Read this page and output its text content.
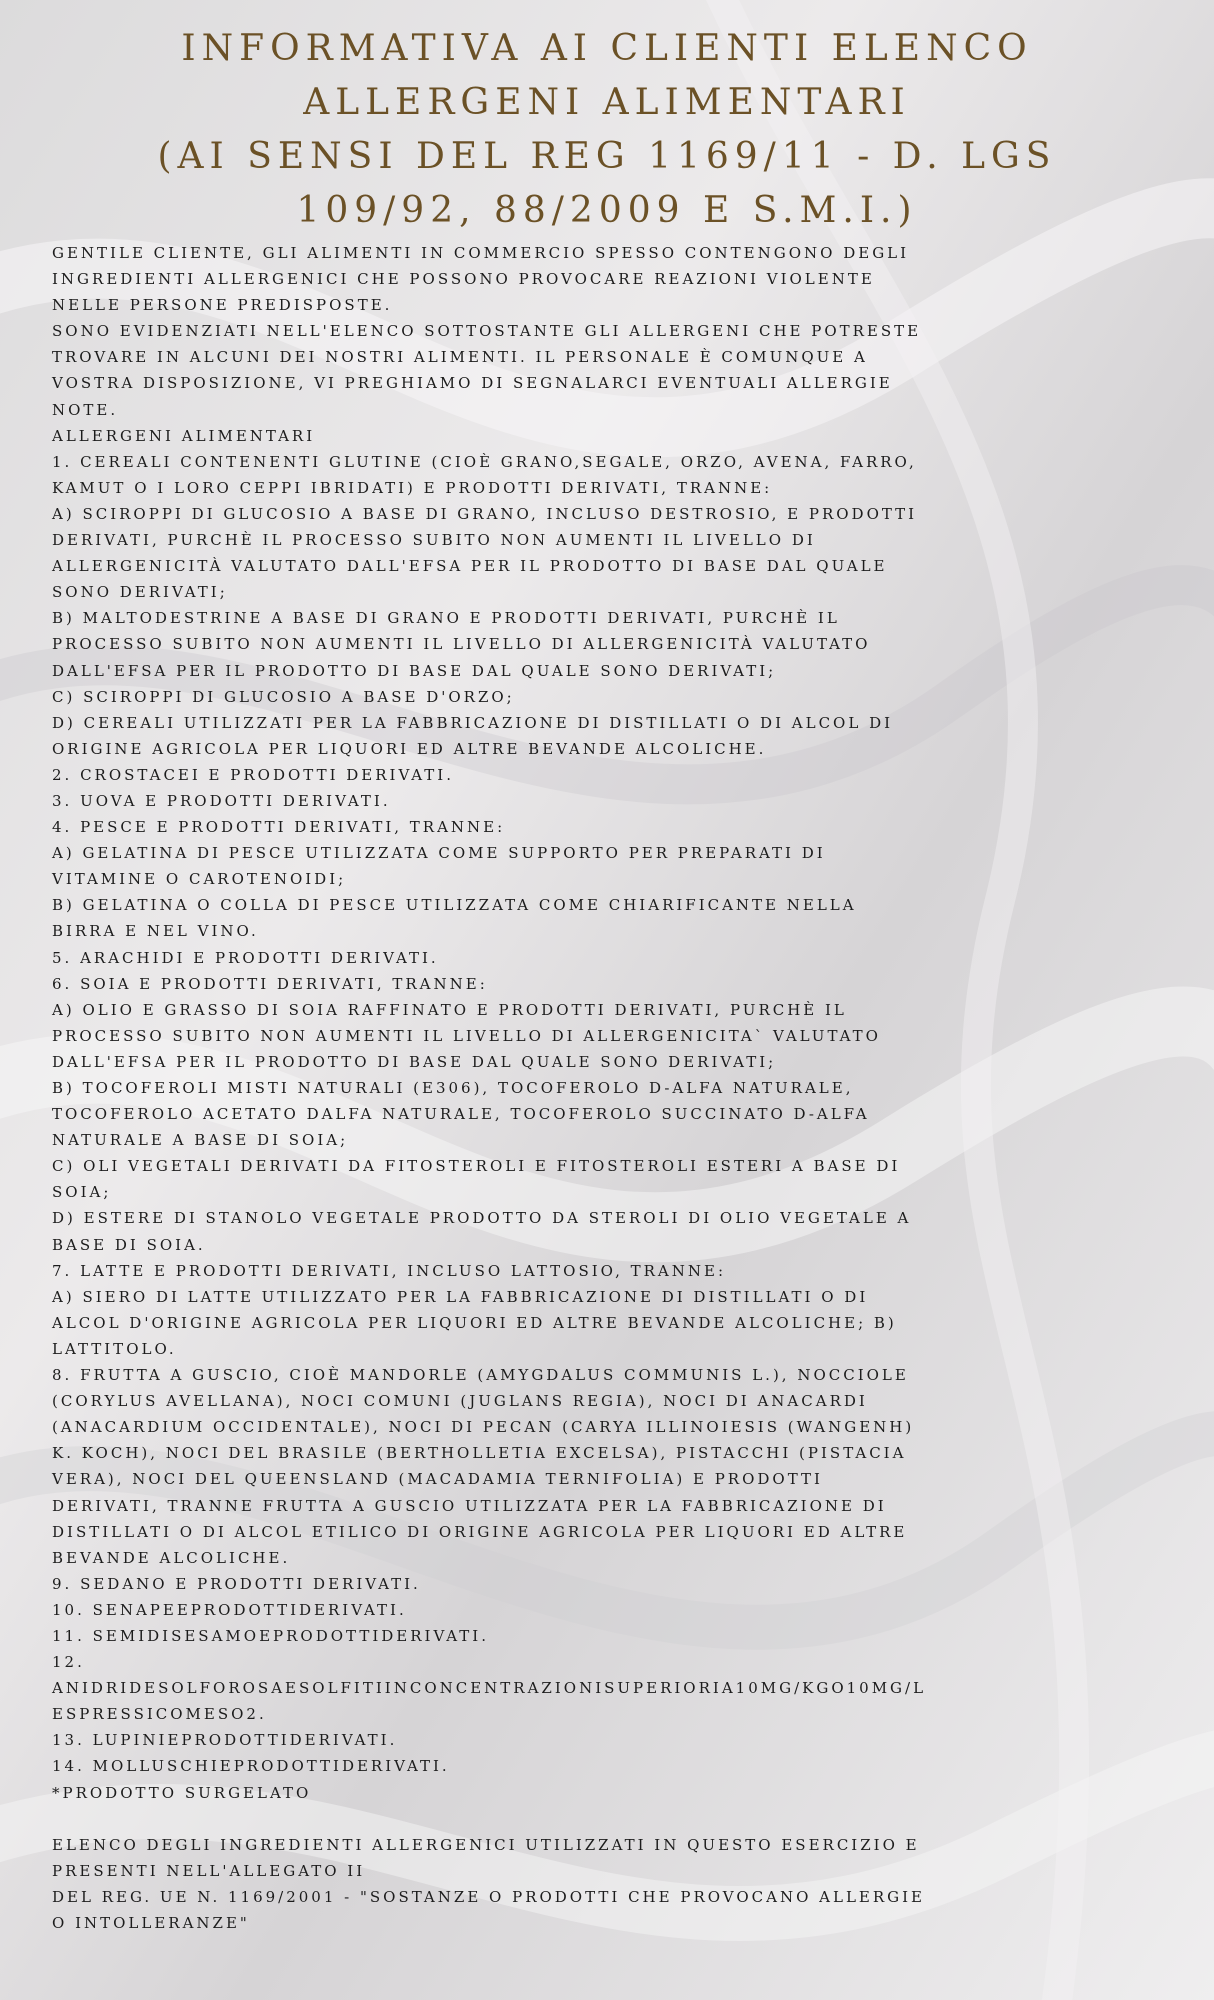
INFORMATIVA AI CLIENTI ELENCO
ALLERGENI ALIMENTARI
(AI SENSI DEL REG 1169/11 - D. LGS
109/92, 88/2009 E S.M.I.)

GENTILE CLIENTE, GLI ALIMENTI IN COMMERCIO SPESSO CONTENGONO DEGLI

INGREDIENTI ALLERGENICI CHE POSSONO PROVOCARE REAZIONI VIOLENTE

NELLE PERSONE PREDISPOSTE.

SONO EVIDENZIATI NELL'ELENCO SOTTOSTANTE GLI ALLERGENI CHE POTRESTE

TROVARE IN ALCUNI DEI NOSTRI ALIMENTI. IL PERSONALE È COMUNQUE A

VOSTRA DISPOSIZIONE, VI PREGHIAMO DI SEGNALARCI EVENTUALI ALLERGIE

NOTE.

ALLERGENI ALIMENTARI

1. CEREALI CONTENENTI GLUTINE (CIOÈ GRANO,SEGALE, ORZO, AVENA, FARRO,

KAMUT O I LORO CEPPI IBRIDATI) E PRODOTTI DERIVATI, TRANNE:

A) SCIROPPI DI GLUCOSIO A BASE DI GRANO, INCLUSO DESTROSIO, E PRODOTTI

DERIVATI, PURCHÈ IL PROCESSO SUBITO NON AUMENTI IL LIVELLO DI

ALLERGENICITÀ VALUTATO DALL'EFSA PER IL PRODOTTO DI BASE DAL QUALE

SONO DERIVATI;

B) MALTODESTRINE A BASE DI GRANO E PRODOTTI DERIVATI, PURCHÈ IL

PROCESSO SUBITO NON AUMENTI IL LIVELLO DI ALLERGENICITÀ VALUTATO

DALL'EFSA PER IL PRODOTTO DI BASE DAL QUALE SONO DERIVATI;

C) SCIROPPI DI GLUCOSIO A BASE D'ORZO;

D) CEREALI UTILIZZATI PER LA FABBRICAZIONE DI DISTILLATI O DI ALCOL DI

ORIGINE AGRICOLA PER LIQUORI ED ALTRE BEVANDE ALCOLICHE.

2. CROSTACEI E PRODOTTI DERIVATI.

3. UOVA E PRODOTTI DERIVATI.

4. PESCE E PRODOTTI DERIVATI, TRANNE:

A) GELATINA DI PESCE UTILIZZATA COME SUPPORTO PER PREPARATI DI

VITAMINE O CAROTENOIDI;

B) GELATINA O COLLA DI PESCE UTILIZZATA COME CHIARIFICANTE NELLA

BIRRA E NEL VINO.

5. ARACHIDI E PRODOTTI DERIVATI.

6. SOIA E PRODOTTI DERIVATI, TRANNE:

A) OLIO E GRASSO DI SOIA RAFFINATO E PRODOTTI DERIVATI, PURCHÈ IL

PROCESSO SUBITO NON AUMENTI IL LIVELLO DI ALLERGENICITA` VALUTATO

DALL'EFSA PER IL PRODOTTO DI BASE DAL QUALE SONO DERIVATI;

B) TOCOFEROLI MISTI NATURALI (E306), TOCOFEROLO D-ALFA NATURALE,

TOCOFEROLO ACETATO DALFA NATURALE, TOCOFEROLO SUCCINATO D-ALFA

NATURALE A BASE DI SOIA;

C) OLI VEGETALI DERIVATI DA FITOSTEROLI E FITOSTEROLI ESTERI A BASE DI

SOIA;

D) ESTERE DI STANOLO VEGETALE PRODOTTO DA STEROLI DI OLIO VEGETALE A

BASE DI SOIA.

7. LATTE E PRODOTTI DERIVATI, INCLUSO LATTOSIO, TRANNE:

A) SIERO DI LATTE UTILIZZATO PER LA FABBRICAZIONE DI DISTILLATI O DI

ALCOL D'ORIGINE AGRICOLA PER LIQUORI ED ALTRE BEVANDE ALCOLICHE; B)

LATTITOLO.

8. FRUTTA A GUSCIO, CIOÈ MANDORLE (AMYGDALUS COMMUNIS L.), NOCCIOLE

(CORYLUS AVELLANA), NOCI COMUNI (JUGLANS REGIA), NOCI DI ANACARDI

(ANACARDIUM OCCIDENTALE), NOCI DI PECAN (CARYA ILLINOIESIS (WANGENH)

K. KOCH), NOCI DEL BRASILE (BERTHOLLETIA EXCELSA), PISTACCHI (PISTACIA

VERA), NOCI DEL QUEENSLAND (MACADAMIA TERNIFOLIA) E PRODOTTI

DERIVATI, TRANNE FRUTTA A GUSCIO UTILIZZATA PER LA FABBRICAZIONE DI

DISTILLATI O DI ALCOL ETILICO DI ORIGINE AGRICOLA PER LIQUORI ED ALTRE

BEVANDE ALCOLICHE.

9. SEDANO E PRODOTTI DERIVATI.

10. SENAPEEPRODOTTIDERIVATI.

11. SEMIDISESAMOEPRODOTTIDERIVATI.

12.

ANIDRIDESOLFOROSAESOLFITIINCONCENTRAZIONISUPERIORIA10MG/KGO10MG/L

ESPRESSICOMESO2.

13. LUPINIEPRODOTTIDERIVATI.

14. MOLLUSCHIEPRODOTTIDERIVATI.

*PRODOTTO SURGELATO

ELENCO DEGLI INGREDIENTI ALLERGENICI UTILIZZATI IN QUESTO ESERCIZIO E

PRESENTI NELL'ALLEGATO II

DEL REG. UE N. 1169/2001 - "SOSTANZE O PRODOTTI CHE PROVOCANO ALLERGIE

O INTOLLERANZE"
